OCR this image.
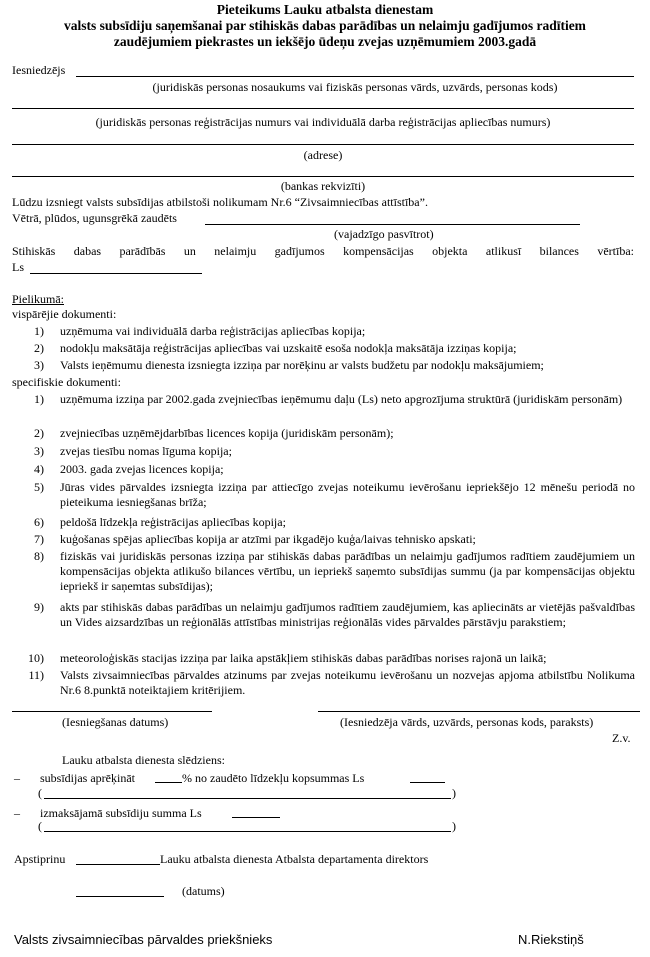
Pieteikums Lauku atbalsta dienestam
valsts subsīdiju saņemšanai par stihiskās dabas parādības un nelaimju gadījumos radītiem
zaudējumiem piekrastes un iekšējo ūdeņu zvejas uzņēmumiem 2003.gadā
Iesniedzējs
(juridiskās personas nosaukums vai fiziskās personas vārds, uzvārds, personas kods)
(juridiskās personas reģistrācijas numurs vai individuālā darba reģistrācijas apliecības numurs)
(adrese)
(bankas rekvizīti)
Lūdzu izsniegt valsts subsīdijas atbilstoši nolikumam Nr.6 “Zivsaimniecības attīstība”.
Vētrā, plūdos, ugunsgrēkā zaudēts
(vajadzīgo pasvītrot)
Stihiskās dabas parādībās un nelaimju gadījumos kompensācijas objekta atlikusī bilances vērtība:
Ls
Pielikumā:
vispārējie dokumenti:
1) uzņēmuma vai individuālā darba reģistrācijas apliecības kopija;
2) nodokļu maksātāja reģistrācijas apliecības vai uzskaitē esoša nodokļa maksātāja izziņas kopija;
3) Valsts ieņēmumu dienesta izsniegta izziņa par norēķinu ar valsts budžetu par nodokļu maksājumiem;
specifiskie dokumenti:
1) uzņēmuma izziņa par 2002.gada zvejniecības ieņēmumu daļu (Ls) neto apgrozījuma struktūrā (juridiskām personām)
2) zvejniecības uzņēmējdarbības licences kopija (juridiskām personām);
3) zvejas tiesību nomas līguma kopija;
4) 2003. gada zvejas licences kopija;
5) Jūras vides pārvaldes izsniegta izziņa par attiecīgo zvejas noteikumu ievērošanu iepriekšējo 12 mēnešu periodā no pieteikuma iesniegšanas brīža;
6) peldošā līdzekļa reģistrācijas apliecības kopija;
7) kuģošanas spējas apliecības kopija ar atzīmi par ikgadējo kuģa/laivas tehnisko apskati;
8) fiziskās vai juridiskās personas izziņa par stihiskās dabas parādības un nelaimju gadījumos radītiem zaudējumiem un kompensācijas objekta atlikušo bilances vērtību, un iepriekš saņemto subsīdijas summu (ja par kompensācijas objektu iepriekš ir saņemtas subsīdijas);
9) akts par stihiskās dabas parādības un nelaimju gadījumos radītiem zaudējumiem, kas apliecināts ar vietējās pašvaldības un Vides aizsardzības un reģionālās attīstības ministrijas reģionālās vides pārvaldes pārstāvju parakstiem;
10) meteoroloģiskās stacijas izziņa par laika apstākļiem stihiskās dabas parādības norises rajonā un laikā;
11) Valsts zivsaimniecības pārvaldes atzinums par zvejas noteikumu ievērošanu un nozvejas apjoma atbilstību Nolikuma Nr.6 8.punktā noteiktajiem kritērijiem.
(Iesniegšanas datums)	(Iesniedzēja vārds, uzvārds, personas kods, paraksts)
Z.v.
Lauku atbalsta dienesta slēdziens:
– subsīdijas aprēķināt	% no zaudēto līdzekļu kopsummas Ls
(	)
– izmaksājamā subsīdiju summa Ls
(	)
Apstiprinu	Lauku atbalsta dienesta Atbalsta departamenta direktors
(datums)
Valsts zivsaimniecības pārvaldes priekšnieks	N.Riekstiņš
